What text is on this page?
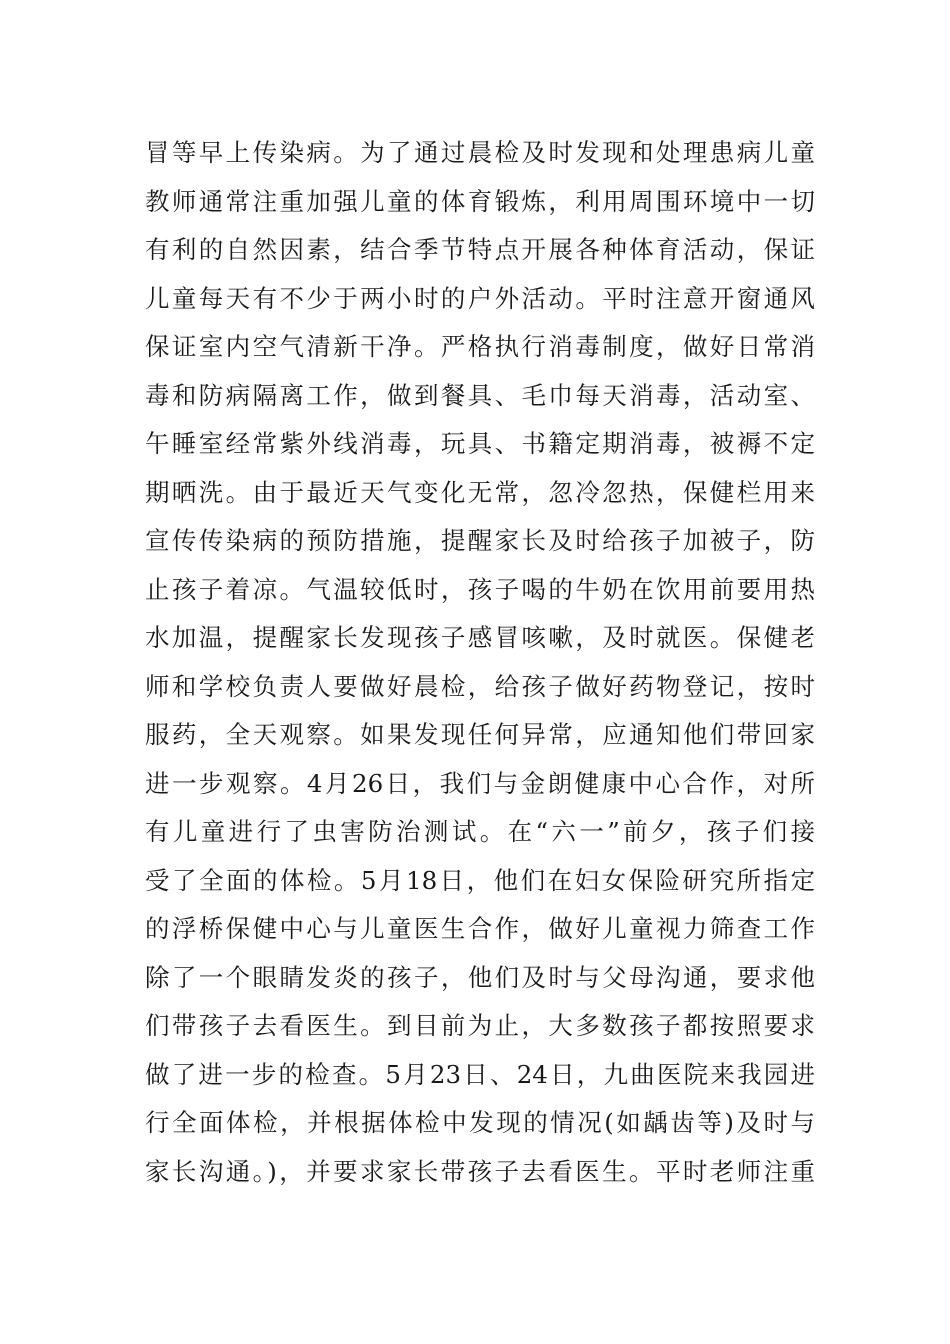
冒等早上传染病。为了通过晨检及时发现和处理患病儿童
教师通常注重加强儿童的体育锻炼，利用周围环境中一切
有利的自然因素，结合季节特点开展各种体育活动，保证
儿童每天有不少于两小时的户外活动。平时注意开窗通风
保证室内空气清新干净。严格执行消毒制度，做好日常消
毒和防病隔离工作，做到餐具、毛巾每天消毒，活动室、
午睡室经常紫外线消毒，玩具、书籍定期消毒，被褥不定
期晒洗。由于最近天气变化无常，忽冷忽热，保健栏用来
宣传传染病的预防措施，提醒家长及时给孩子加被子，防
止孩子着凉。气温较低时，孩子喝的牛奶在饮用前要用热
水加温，提醒家长发现孩子感冒咳嗽，及时就医。保健老
师和学校负责人要做好晨检，给孩子做好药物登记，按时
服药，全天观察。如果发现任何异常，应通知他们带回家
进一步观察。4月26日，我们与金朗健康中心合作，对所
有儿童进行了虫害防治测试。在“六一”前夕，孩子们接
受了全面的体检。5月18日，他们在妇女保险研究所指定
的浮桥保健中心与儿童医生合作，做好儿童视力筛查工作
除了一个眼睛发炎的孩子，他们及时与父母沟通，要求他
们带孩子去看医生。到目前为止，大多数孩子都按照要求
做了进一步的检查。5月23日、24日，九曲医院来我园进
行全面体检，并根据体检中发现的情况(如龋齿等)及时与
家长沟通。)，并要求家长带孩子去看医生。平时老师注重
